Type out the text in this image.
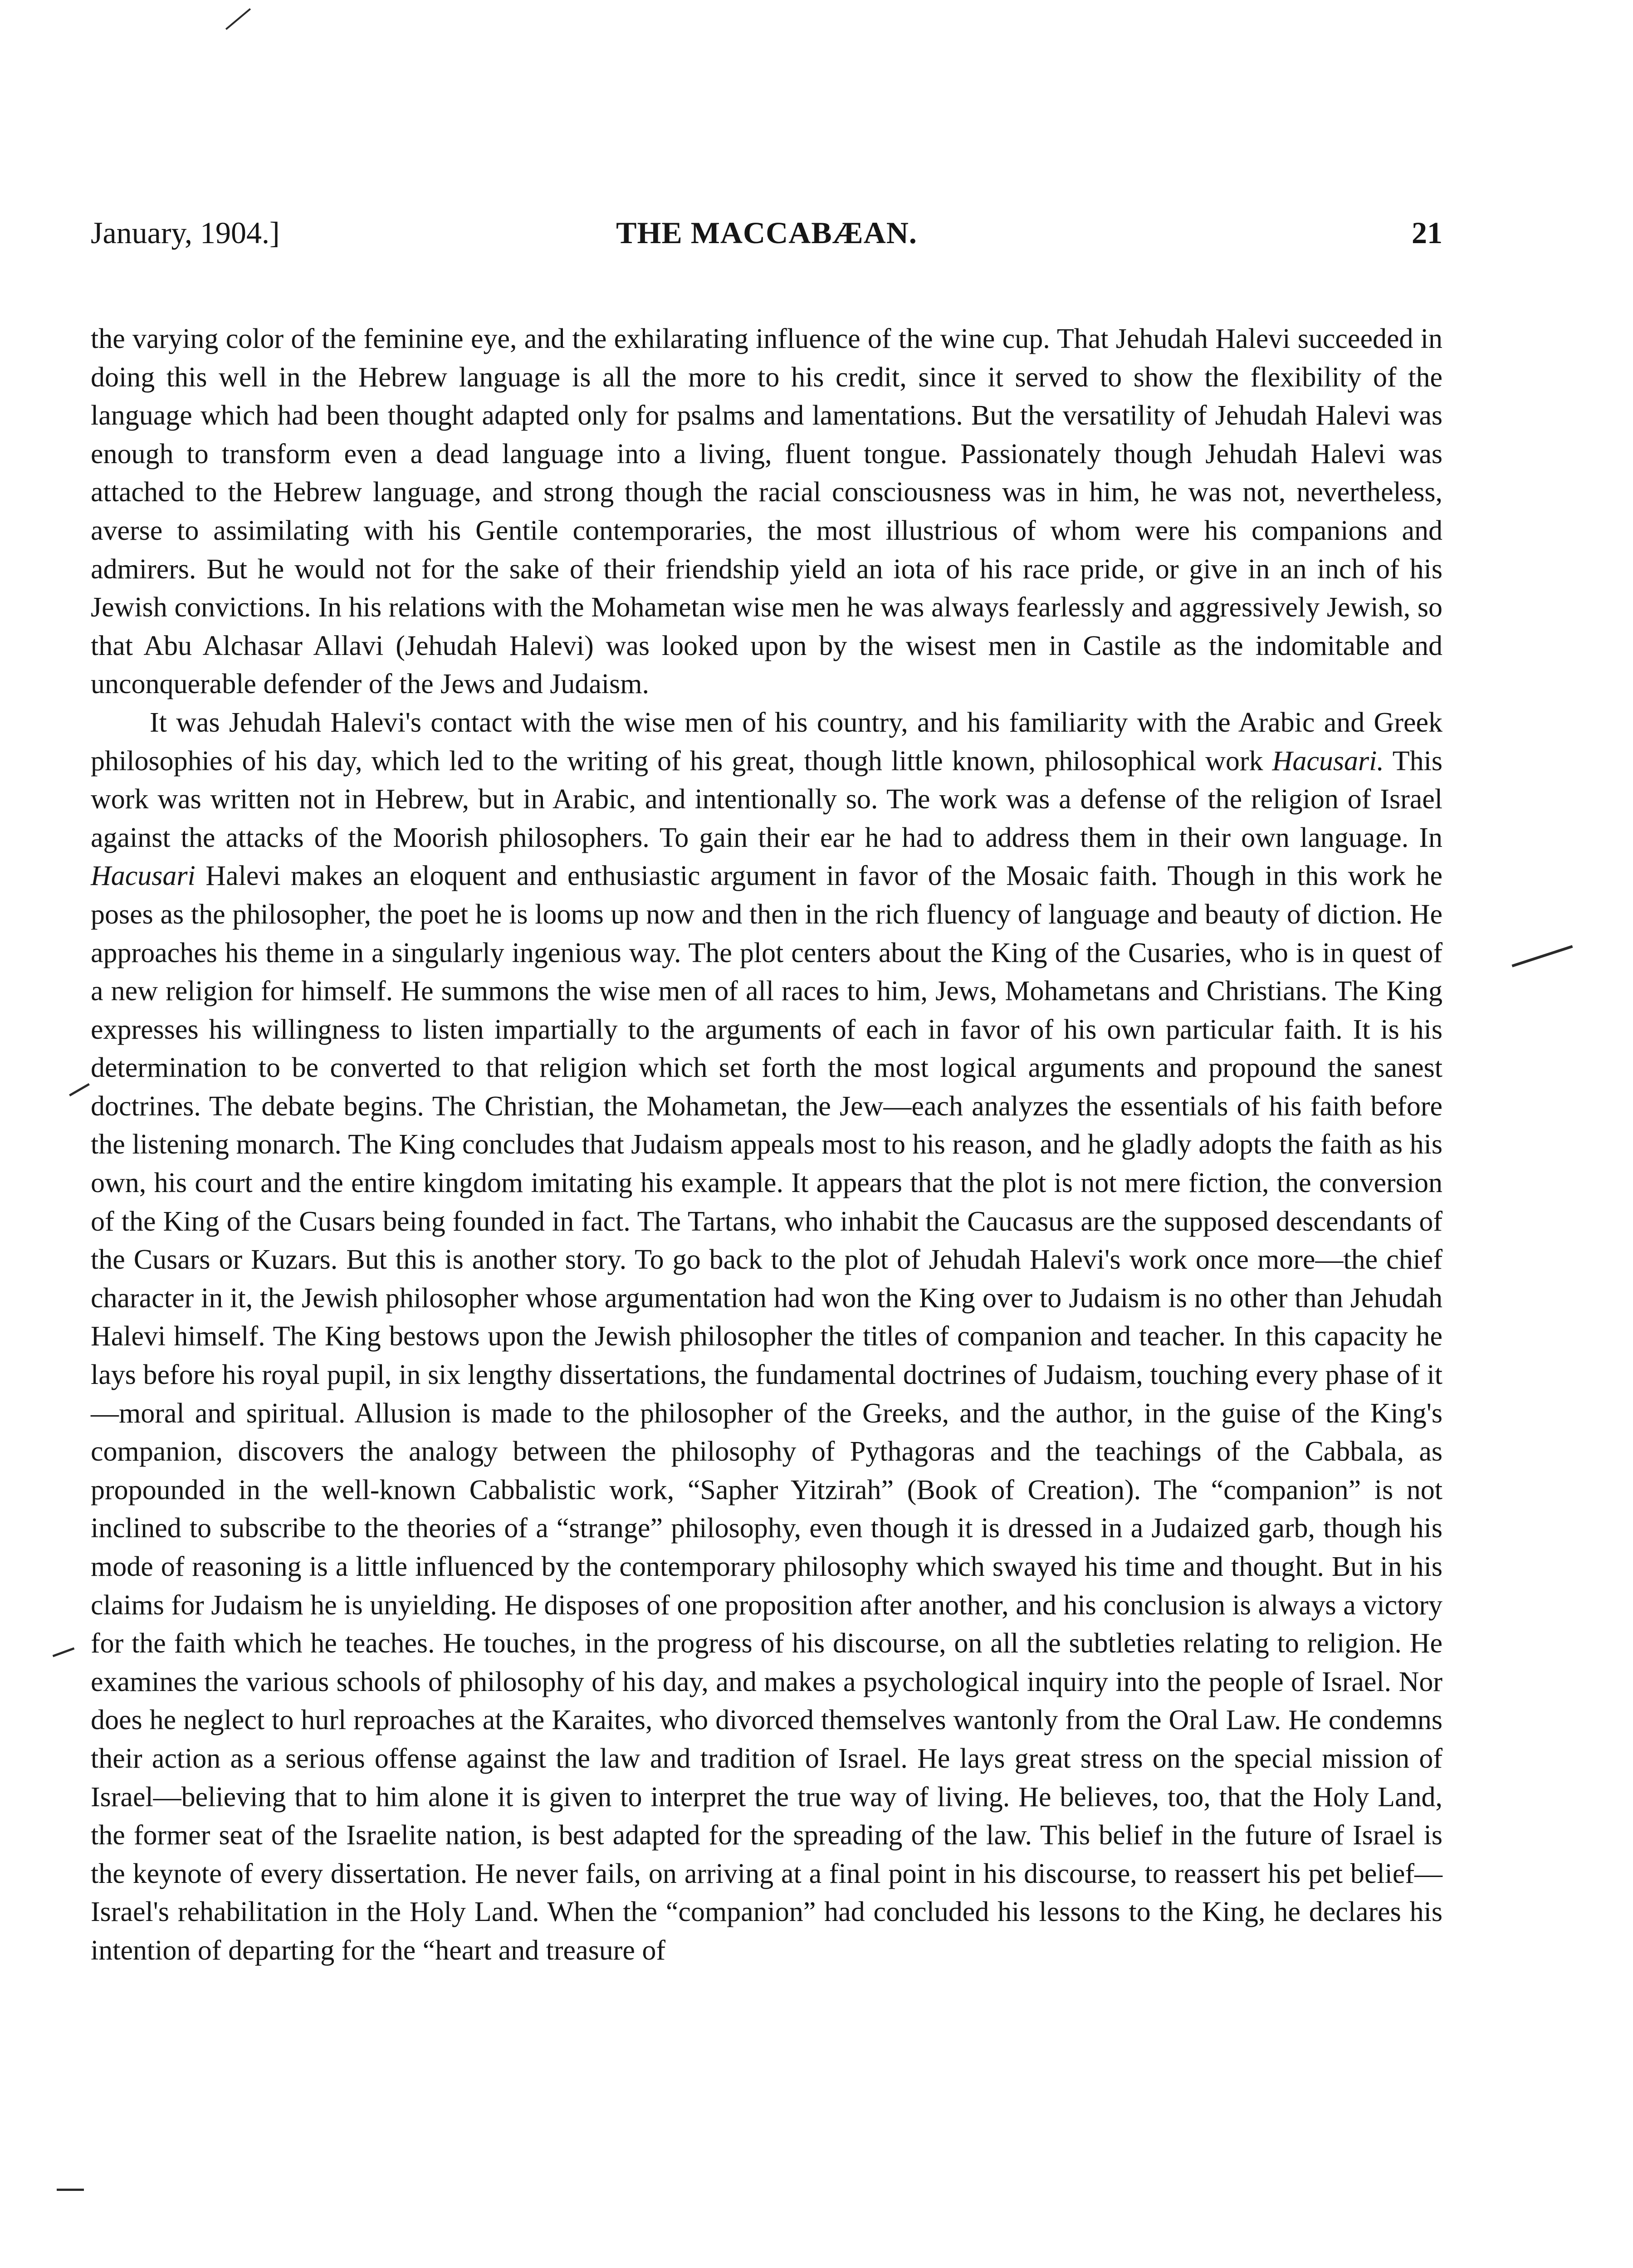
January, 1904.]	THE MACCABÆAN.	21

the varying color of the feminine eye, and the exhilarating influence of the wine cup. That Jehudah Halevi succeeded in doing this well in the Hebrew language is all the more to his credit, since it served to show the flexibility of the language which had been thought adapted only for psalms and lamentations. But the versatility of Jehudah Halevi was enough to transform even a dead language into a living, fluent tongue. Passionately though Jehudah Halevi was attached to the Hebrew language, and strong though the racial consciousness was in him, he was not, nevertheless, averse to assimilating with his Gentile contemporaries, the most illustrious of whom were his companions and admirers. But he would not for the sake of their friendship yield an iota of his race pride, or give in an inch of his Jewish convictions. In his relations with the Mohametan wise men he was always fearlessly and aggressively Jewish, so that Abu Alchasar Allavi (Jehudah Halevi) was looked upon by the wisest men in Castile as the indomitable and unconquerable defender of the Jews and Judaism.

It was Jehudah Halevi's contact with the wise men of his country, and his familiarity with the Arabic and Greek philosophies of his day, which led to the writing of his great, though little known, philosophical work Hacusari. This work was written not in Hebrew, but in Arabic, and intentionally so. The work was a defense of the religion of Israel against the attacks of the Moorish philosophers. To gain their ear he had to address them in their own language. In Hacusari Halevi makes an eloquent and enthusiastic argument in favor of the Mosaic faith. Though in this work he poses as the philosopher, the poet he is looms up now and then in the rich fluency of language and beauty of diction. He approaches his theme in a singularly ingenious way. The plot centers about the King of the Cusaries, who is in quest of a new religion for himself. He summons the wise men of all races to him, Jews, Mohametans and Christians. The King expresses his willingness to listen impartially to the arguments of each in favor of his own particular faith. It is his determination to be converted to that religion which set forth the most logical arguments and propound the sanest doctrines. The debate begins. The Christian, the Mohametan, the Jew—each analyzes the essentials of his faith before the listening monarch. The King concludes that Judaism appeals most to his reason, and he gladly adopts the faith as his own, his court and the entire kingdom imitating his example. It appears that the plot is not mere fiction, the conversion of the King of the Cusars being founded in fact. The Tartans, who inhabit the Caucasus are the supposed descendants of the Cusars or Kuzars. But this is another story. To go back to the plot of Jehudah Halevi's work once more—the chief character in it, the Jewish philosopher whose argumentation had won the King over to Judaism is no other than Jehudah Halevi himself. The King bestows upon the Jewish philosopher the titles of companion and teacher. In this capacity he lays before his royal pupil, in six lengthy dissertations, the fundamental doctrines of Judaism, touching every phase of it—moral and spiritual. Allusion is made to the philosopher of the Greeks, and the author, in the guise of the King's companion, discovers the analogy between the philosophy of Pythagoras and the teachings of the Cabbala, as propounded in the well-known Cabbalistic work, “Sapher Yitzirah” (Book of Creation). The “companion” is not inclined to subscribe to the theories of a “strange” philosophy, even though it is dressed in a Judaized garb, though his mode of reasoning is a little influenced by the contemporary philosophy which swayed his time and thought. But in his claims for Judaism he is unyielding. He disposes of one proposition after another, and his conclusion is always a victory for the faith which he teaches. He touches, in the progress of his discourse, on all the subtleties relating to religion. He examines the various schools of philosophy of his day, and makes a psychological inquiry into the people of Israel. Nor does he neglect to hurl reproaches at the Karaites, who divorced themselves wantonly from the Oral Law. He condemns their action as a serious offense against the law and tradition of Israel. He lays great stress on the special mission of Israel—believing that to him alone it is given to interpret the true way of living. He believes, too, that the Holy Land, the former seat of the Israelite nation, is best adapted for the spreading of the law. This belief in the future of Israel is the keynote of every dissertation. He never fails, on arriving at a final point in his discourse, to reassert his pet belief—Israel's rehabilitation in the Holy Land. When the “companion” had concluded his lessons to the King, he declares his intention of departing for the “heart and treasure of
